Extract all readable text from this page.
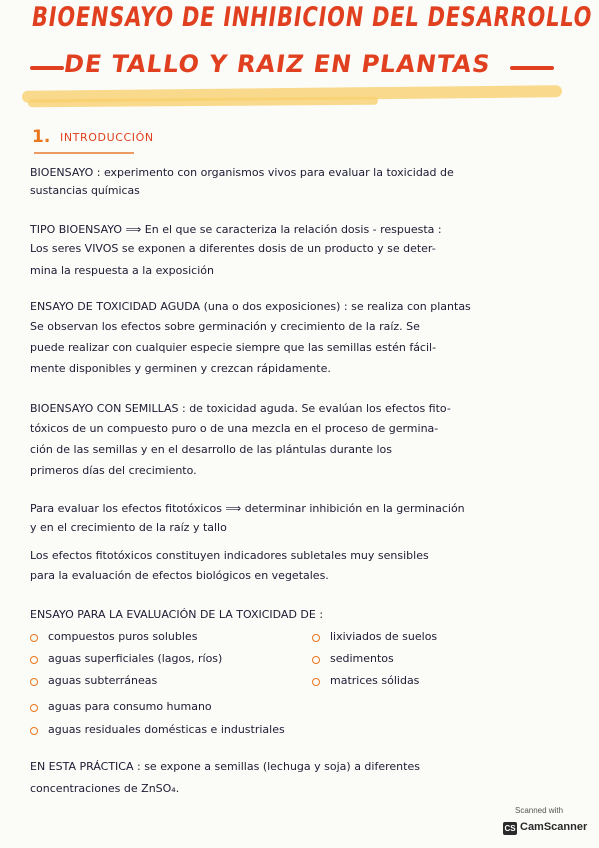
BIOENSAYO DE INHIBICION DEL DESARROLLO
DE TALLO Y RAIZ EN PLANTAS
1. INTRODUCCIÓN
BIOENSAYO : experimento con organismos vivos para evaluar la toxicidad de
sustancias químicas
TIPO BIOENSAYO ⟹ En el que se caracteriza la relación dosis - respuesta :
Los seres VIVOS se exponen a diferentes dosis de un producto y se deter-
mina la respuesta a la exposición
ENSAYO DE TOXICIDAD AGUDA (una o dos exposiciones) : se realiza con plantas
Se observan los efectos sobre germinación y crecimiento de la raíz. Se
puede realizar con cualquier especie siempre que las semillas estén fácil-
mente disponibles y germinen y crezcan rápidamente.
BIOENSAYO CON SEMILLAS : de toxicidad aguda. Se evalúan los efectos fito-
tóxicos de un compuesto puro o de una mezcla en el proceso de germina-
ción de las semillas y en el desarrollo de las plántulas durante los
primeros días del crecimiento.
Para evaluar los efectos fitotóxicos ⟹ determinar inhibición en la germinación
y en el crecimiento de la raíz y tallo
Los efectos fitotóxicos constituyen indicadores subletales muy sensibles
para la evaluación de efectos biológicos en vegetales.
ENSAYO PARA LA EVALUACIÓN DE LA TOXICIDAD DE :
compuestos puros solubles
aguas superficiales (lagos, ríos)
aguas subterráneas
aguas para consumo humano
aguas residuales domésticas e industriales
lixiviados de suelos
sedimentos
matrices sólidas
EN ESTA PRÁCTICA : se expone a semillas (lechuga y soja) a diferentes
concentraciones de ZnSO₄.
Scanned with
CS CamScanner
